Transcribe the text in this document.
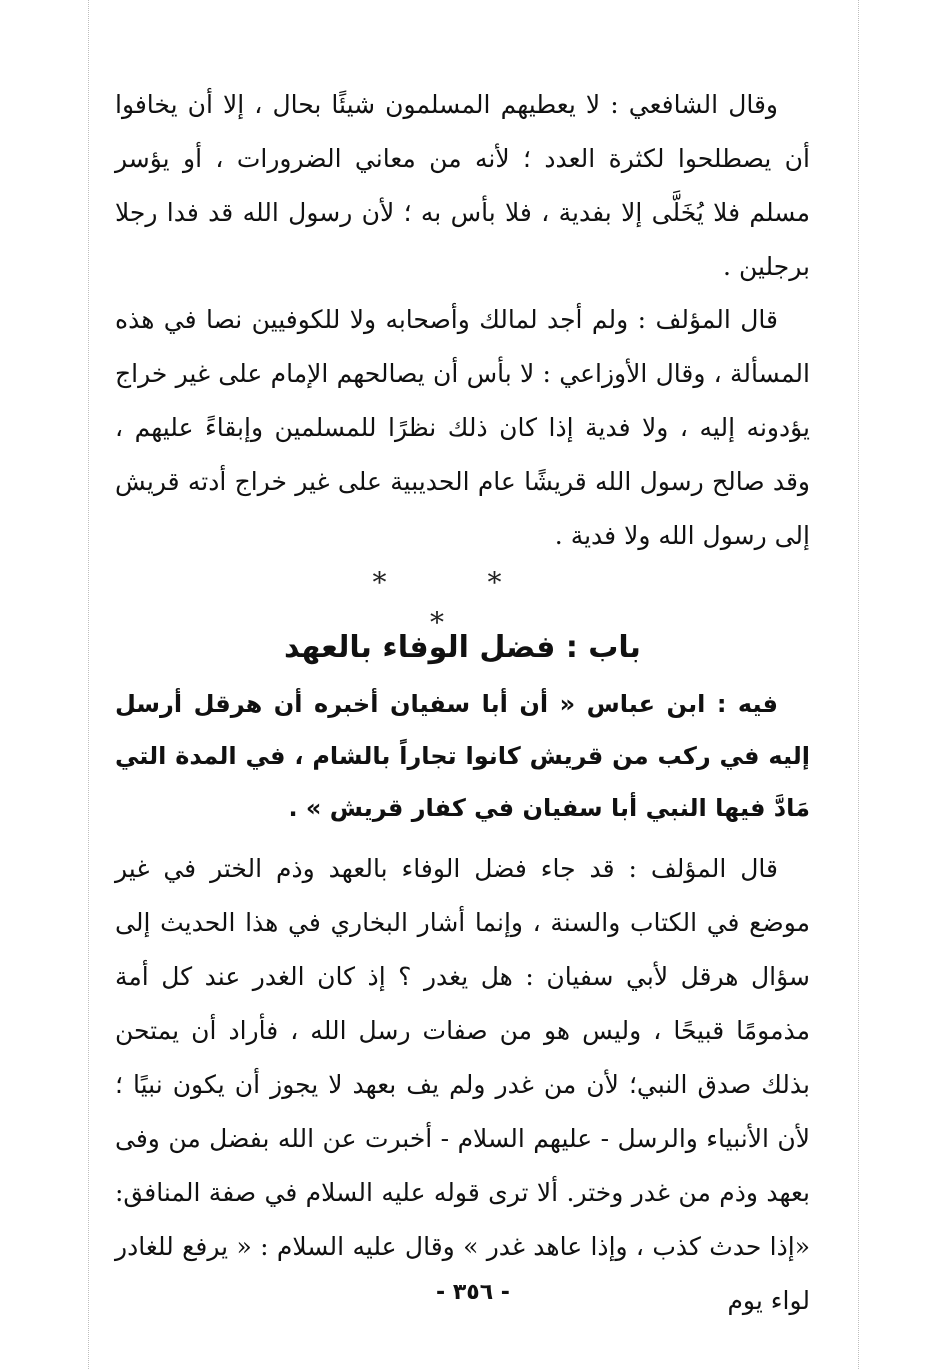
وقال الشافعي : لا يعطيهم المسلمون شيئًا بحال ، إلا أن يخافوا أن يصطلحوا لكثرة العدد ؛ لأنه من معاني الضرورات ، أو يؤسر مسلم فلا يُخَلَّى إلا بفدية ، فلا بأس به ؛ لأن رسول الله قد فدا رجلا برجلين .

قال المؤلف : ولم أجد لمالك وأصحابه ولا للكوفيين نصا في هذه المسألة ، وقال الأوزاعي : لا بأس أن يصالحهم الإمام على غير خراج يؤدونه إليه ، ولا فدية إذا كان ذلك نظرًا للمسلمين وإبقاءً عليهم ، وقد صالح رسول الله قريشًا عام الحديبية على غير خراج أدته قريش إلى رسول الله ولا فدية .

* * *
باب : فضل الوفاء بالعهد

فيه : ابن عباس « أن أبا سفيان أخبره أن هرقل أرسل إليه في ركب من قريش كانوا تجاراً بالشام ، في المدة التي مَادَّ فيها النبي أبا سفيان في كفار قريش » .

قال المؤلف : قد جاء فضل الوفاء بالعهد وذم الختر في غير موضع في الكتاب والسنة ، وإنما أشار البخاري في هذا الحديث إلى سؤال هرقل لأبي سفيان : هل يغدر ؟ إذ كان الغدر عند كل أمة مذمومًا قبيحًا ، وليس هو من صفات رسل الله ، فأراد أن يمتحن بذلك صدق النبي؛ لأن من غدر ولم يف بعهد لا يجوز أن يكون نبيًا ؛ لأن الأنبياء والرسل - عليهم السلام - أخبرت عن الله بفضل من وفى بعهد وذم من غدر وختر. ألا ترى قوله عليه السلام في صفة المنافق: «إذا حدث كذب ، وإذا عاهد غدر » وقال عليه السلام : « يرفع للغادر لواء يوم

- ٣٥٦ -
